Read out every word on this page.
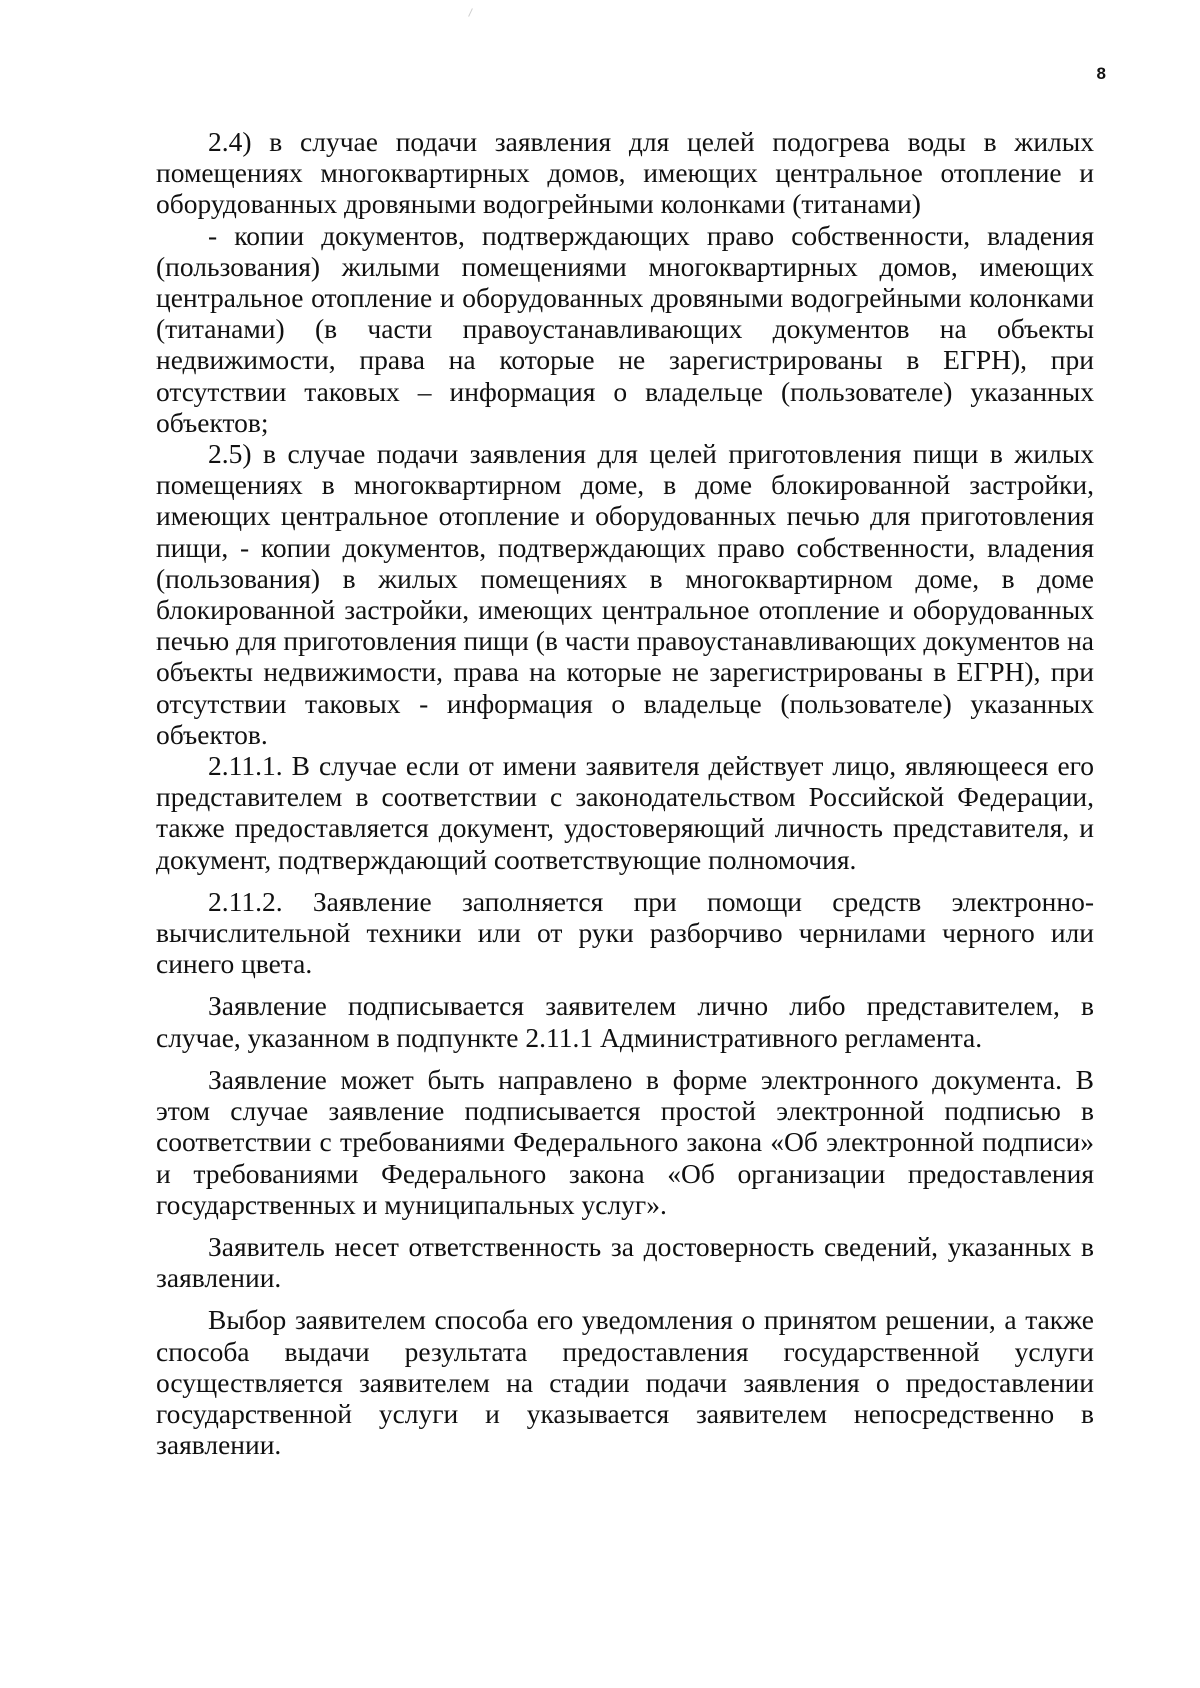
8

2.4) в случае подачи заявления для целей подогрева воды в жилых помещениях многоквартирных домов, имеющих центральное отопление и оборудованных дровяными водогрейными колонками (титанами)

- копии документов, подтверждающих право собственности, владения (пользования) жилыми помещениями многоквартирных домов, имеющих центральное отопление и оборудованных дровяными водогрейными колонками (титанами) (в части правоустанавливающих документов на объекты недвижимости, права на которые не зарегистрированы в ЕГРН), при отсутствии таковых – информация о владельце (пользователе) указанных объектов;

2.5) в случае подачи заявления для целей приготовления пищи в жилых помещениях в многоквартирном доме, в доме блокированной застройки, имеющих центральное отопление и оборудованных печью для приготовления пищи, - копии документов, подтверждающих право собственности, владения (пользования) в жилых помещениях в многоквартирном доме, в доме блокированной застройки, имеющих центральное отопление и оборудованных печью для приготовления пищи (в части правоустанавливающих документов на объекты недвижимости, права на которые не зарегистрированы в ЕГРН), при отсутствии таковых - информация о владельце (пользователе) указанных объектов.

2.11.1. В случае если от имени заявителя действует лицо, являющееся его представителем в соответствии с законодательством Российской Федерации, также предоставляется документ, удостоверяющий личность представителя, и документ, подтверждающий соответствующие полномочия.

2.11.2. Заявление заполняется при помощи средств электронно-вычислительной техники или от руки разборчиво чернилами черного или синего цвета.

Заявление подписывается заявителем лично либо представителем, в случае, указанном в подпункте 2.11.1 Административного регламента.

Заявление может быть направлено в форме электронного документа. В этом случае заявление подписывается простой электронной подписью в соответствии с требованиями Федерального закона «Об электронной подписи» и требованиями Федерального закона «Об организации предоставления государственных и муниципальных услуг».

Заявитель несет ответственность за достоверность сведений, указанных в заявлении.

Выбор заявителем способа его уведомления о принятом решении, а также способа выдачи результата предоставления государственной услуги осуществляется заявителем на стадии подачи заявления о предоставлении государственной услуги и указывается заявителем непосредственно в заявлении.
